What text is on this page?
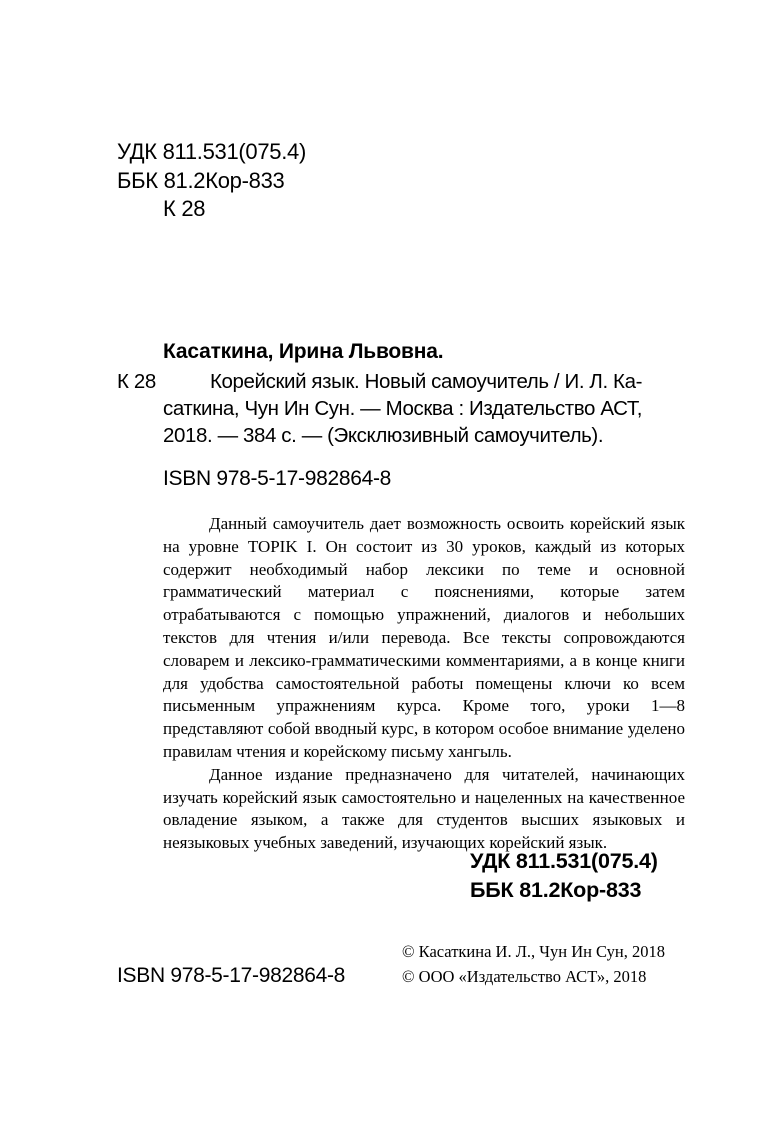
УДК 811.531(075.4)
ББК 81.2Кор-833
К 28
Касаткина, Ирина Львовна.
К 28	Корейский язык. Новый самоучитель / И. Л. Ка-
саткина, Чун Ин Сун. — Москва : Издательство АСТ,
2018. — 384 с. — (Эксклюзивный самоучитель).
ISBN 978-5-17-982864-8

Данный самоучитель дает возможность освоить корейский язык на уровне TOPIK I. Он состоит из 30 уроков, каждый из которых содержит необходимый набор лексики по теме и основной грамматический материал с пояснениями, которые затем отрабатываются с помощью упражнений, диалогов и небольших текстов для чтения и/или перевода. Все тексты сопровождаются словарем и лексико-грамматическими комментариями, а в конце книги для удобства самостоятельной работы помещены ключи ко всем письменным упражнениям курса. Кроме того, уроки 1—8 представляют собой вводный курс, в котором особое внимание уделено правилам чтения и корейскому письму хангыль.

Данное издание предназначено для читателей, начинающих изучать корейский язык самостоятельно и нацеленных на качественное овладение языком, а также для студентов высших языковых и неязыковых учебных заведений, изучающих корейский язык.

УДК 811.531(075.4)
ББК 81.2Кор-833
© Касаткина И. Л., Чун Ин Сун, 2018
ISBN 978-5-17-982864-8	© ООО «Издательство АСТ», 2018
